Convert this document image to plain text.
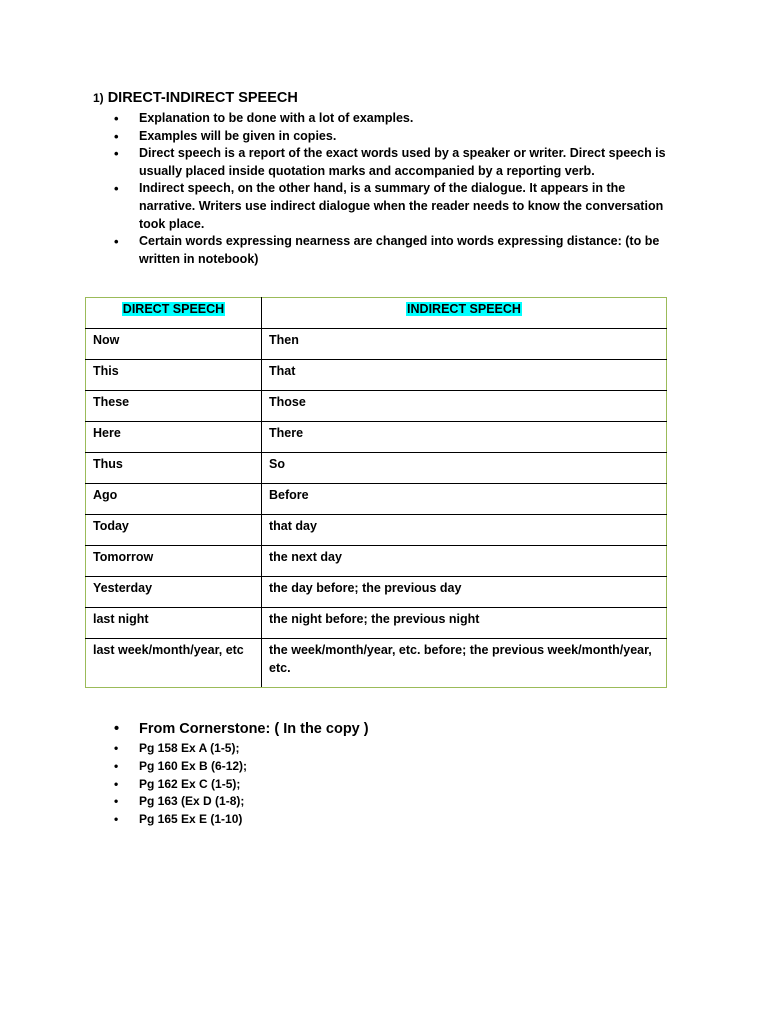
1) DIRECT-INDIRECT SPEECH
• Explanation to be done with a lot of examples.
• Examples will be given in copies.
• Direct speech is a report of the exact words used by a speaker or writer. Direct speech is usually placed inside quotation marks and accompanied by a reporting verb.
• Indirect speech, on the other hand, is a summary of the dialogue. It appears in the narrative. Writers use indirect dialogue when the reader needs to know the conversation took place.
• Certain words expressing nearness are changed into words expressing distance: (to be written in notebook)
DIRECT SPEECH	INDIRECT SPEECH
Now	Then
This	That
These	Those
Here	There
Thus	So
Ago	Before
Today	that day
Tomorrow	the next day
Yesterday	the day before; the previous day
last night	the night before; the previous night
last week/month/year, etc	the week/month/year, etc. before; the previous week/month/year, etc.
• From Cornerstone: ( In the copy )
• Pg 158 Ex A (1-5);
• Pg 160 Ex B (6-12);
• Pg 162 Ex C (1-5);
• Pg 163 (Ex D (1-8);
• Pg 165 Ex E (1-10)
